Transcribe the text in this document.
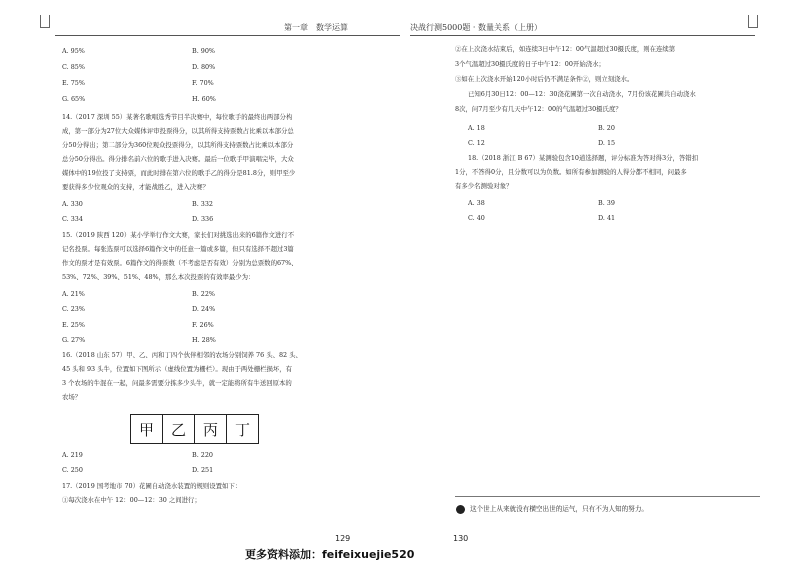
第一章　数学运算	决战行测5000题 · 数量关系（上册）
A. 95%	B. 90%
C. 85%	D. 80%
E. 75%	F. 70%
G. 65%	H. 60%
14.（2017 深圳 55）某著名歌唱选秀节目半决赛中，每位歌手的最终出两部分构
成，第一部分为27位大众媒体评审投票得分，以其所得支持票数占比乘以本部分总
分50分得出；第二部分为360位观众投票得分，以其所得支持票数占比乘以本部分
总分50分得出。得分排名前六位的歌手进入决赛。最后一位歌手甲演唱完毕，大众
媒体中的19位投了支持票，而此时排在第六位的歌手乙的得分是81.8分，则甲至少
要获得多少位观众的支持，才能战胜乙，进入决赛？
A. 330	B. 332
C. 334	D. 336
15.（2019 陕西 120）某小学举行作文大赛，家长们对挑选出来的6篇作文进行不
记名投票。每张选票可以选择6篇作文中的任意一篇或多篇，但只有选择不超过3篇
作文的票才是有效票。6篇作文的得票数（不考虑是否有效）分别为总票数的67%、
53%、72%、39%、51%、48%，那么本次投票的有效率最少为：
A. 21%	B. 22%
C. 23%	D. 24%
E. 25%	F. 26%
G. 27%	H. 28%
16.（2018 山东 57）甲、乙、丙和丁四个伙伴相邻的农场分别饲养 76 头、82 头、
45 头和 93 头牛，位置如下图所示（虚线位置为栅栏）。现由于两处栅栏损坏，有
3 个农场的牛混在一起，问最多需要分拣多少头牛，就一定能将所有牛送回原本的
农场？
甲	乙	丙	丁
A. 219	B. 220
C. 250	D. 251
17.（2019 国考地市 70）花圃自动浇水装置的规则设置如下：
①每次浇水在中午 12：00—12：30 之间进行；
129
更多资料添加：feifeixuejie520
②在上次浇水结束后，如连续3日中午12：00气温超过30摄氏度，则在连续第
3个气温超过30摄氏度的日子中午12：00开始浇水；
③如在上次浇水开始120小时后仍不满足条件②，则立刻浇水。
已知6月30日12：00—12：30浇花圃第一次自动浇水，7月份该花圃共自动浇水
8次，问7月至少有几天中午12：00的气温超过30摄氏度？
A. 18	B. 20
C. 12	D. 15
18.（2018 浙江 B 67）某测验包含10道选择题，评分标准为答对得3分，答错扣
1分，不答得0分，且分数可以为负数。如所有参加测验的人得分都不相同，问最多
有多少名测验对象？
A. 38	B. 39
C. 40	D. 41
这个世上从来就没有横空出世的运气，只有不为人知的努力。
130
